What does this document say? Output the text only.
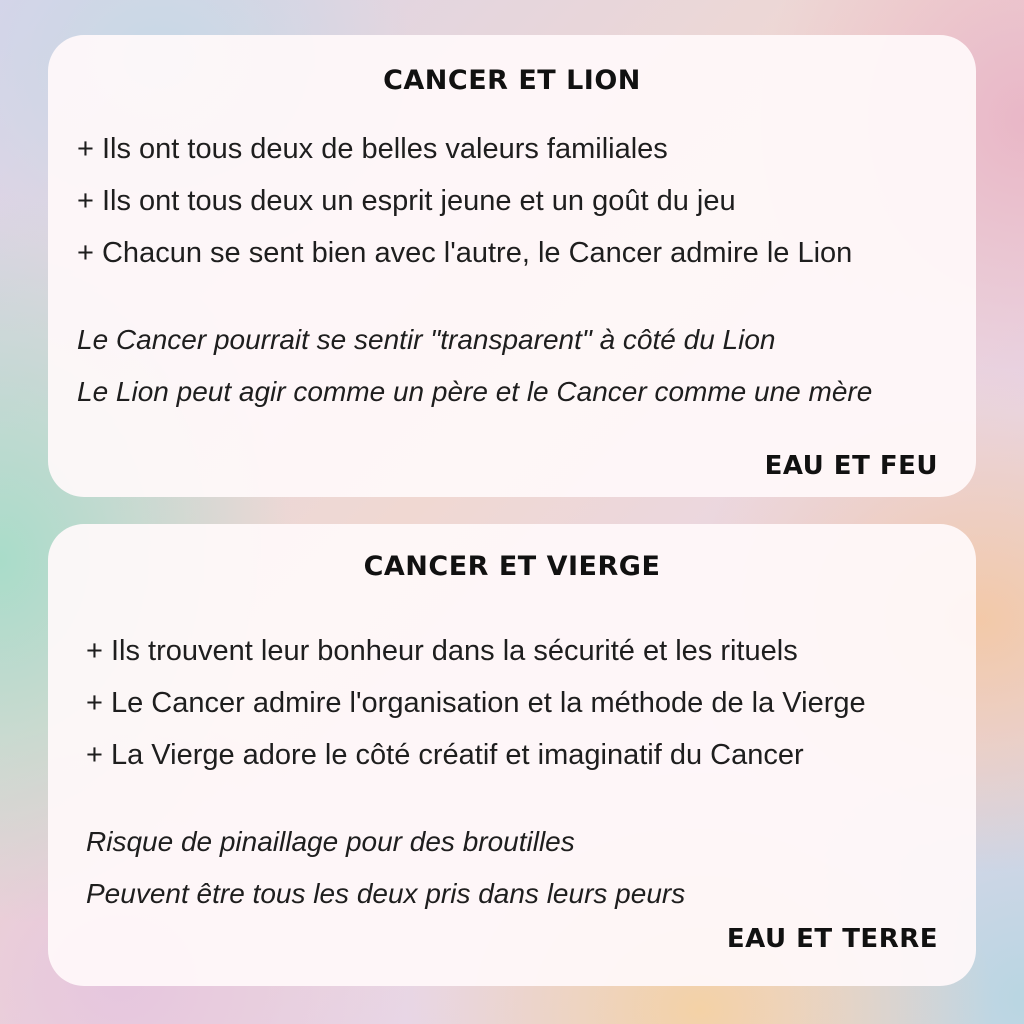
CANCER ET LION
+ Ils ont tous deux de belles valeurs familiales
+ Ils ont tous deux un esprit jeune et un goût du jeu
+ Chacun se sent bien avec l'autre, le Cancer admire le Lion
Le Cancer pourrait se sentir "transparent" à côté du Lion
Le Lion peut agir comme un père et le Cancer comme une mère

EAU ET FEU

CANCER ET VIERGE
+ Ils trouvent leur bonheur dans la sécurité et les rituels
+ Le Cancer admire l'organisation et la méthode de la Vierge
+ La Vierge adore le côté créatif et imaginatif du Cancer
Risque de pinaillage pour des broutilles
Peuvent être tous les deux pris dans leurs peurs

EAU ET TERRE
